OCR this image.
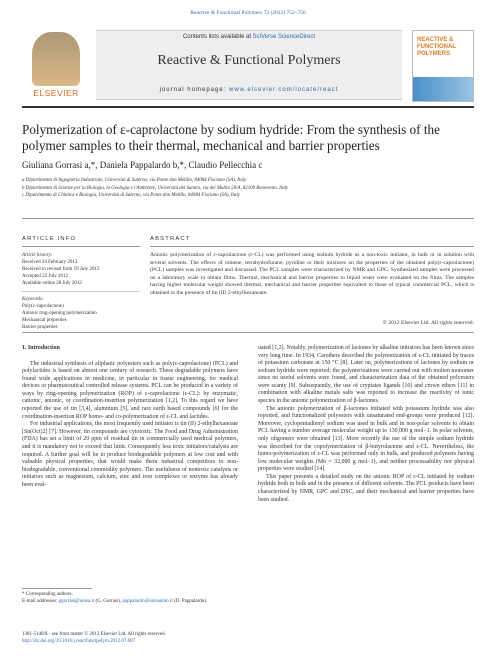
Reactive & Functional Polymers 72 (2012) 752–756
ELSEVIER
Contents lists available at SciVerse ScienceDirect
Reactive & Functional Polymers
journal homepage: www.elsevier.com/locate/react
REACTIVE &
FUNCTIONAL
POLYMERS
Polymerization of ε-caprolactone by sodium hydride: From the synthesis of the polymer samples to their thermal, mechanical and barrier properties
Giuliana Gorrasi a,*, Daniela Pappalardo b,*, Claudio Pellecchia c
a Dipartimento di Ingegneria Industriale, Università di Salerno, via Ponte don Melillo, 84084 Fisciano (SA), Italy
b Dipartimento di Scienze per la Biologia, la Geologia e l'Ambiente, Università del Sannio, via dei Mulini 59/A, 82100 Benevento, Italy
c Dipartimento di Chimica e Biologia, Università di Salerno, via Ponte don Melillo, 84084 Fisciano (SA), Italy
ARTICLE INFO	ABSTRACT
Article history:
Received 24 February 2012
Received in revised form 19 July 2012
Accepted 22 July 2012
Available online 28 July 2012
Keywords:
Poly(ε-caprolactone)
Anionic ring-opening polymerization
Mechanical properties
Barrier properties
Anionic polymerization of ε-caprolactone (ε-CL) was performed using sodium hydride as a non-toxic initiator, in bulk or in solution with several solvents. The effects of toluene, tetrahydrofurane, pyridine or their mixtures on the properties of the obtained poly(ε-caprolactone) (PCL) samples was investigated and discussed. The PCL samples were characterized by NMR and GPC. Synthesized samples were processed on a laboratory scale to obtain films. Thermal, mechanical and barrier properties to liquid water were evaluated on the films. The samples having higher molecular weight showed thermal, mechanical and barrier properties equivalent to those of typical commercial PCL, which is obtained in the presence of tin (II) 2-ethylhexanoate.
© 2012 Elsevier Ltd. All rights reserved.
1. Introduction

The industrial synthesis of aliphatic polyesters such as poly(ε-caprolactone) (PCL) and polylactides is based on almost one century of research. These degradable polymers have found wide applications in medicine, in particular in tissue engineering, for medical devices or pharmaceutical controlled release systems. PCL can be produced in a variety of ways by ring-opening polymerization (ROP) of ε-caprolactone (ε-CL): by enzymatic, cationic, anionic, or coordination-insertion polymerization [1,2]. To this regard we have reported the use of tin [3,4], aluminum [5], and rare earth based compounds [6] for the coordination-insertion ROP homo- and co-polymerization of ε-CL and lactides.

For industrial applications, the most frequently used initiator is tin (II) 2-ethylhexanoate [Sn(Oct)2] [7]. However, tin compounds are cytotoxic. The Food and Drug Administration (FDA) has set a limit of 20 ppm of residual tin in commercially used medical polymers, and it is mandatory not to exceed that limit. Consequently less toxic initiators/catalysts are required. A further goal will be to produce biodegradable polymers at low cost and with valuable physical properties, that would make them industrial competitors to non-biodegradable, conventional commodity polymers. The usefulness of nontoxic catalysts or initiators such as magnesium, calcium, zinc and iron complexes or enzyme has already been eval-

uated [1,2]. Notably, polymerization of lactones by alkaline initiators has been known since very long time. In 1934, Carothers described the polymerization of ε-CL initiated by traces of potassium carbonate at 150 °C [8]. Later on, polymerizations of lactones by sodium or sodium hydride were reported; the polymerizations were carried out with molten monomer since no useful solvents were found, and characterization data of the obtained polyesters were scanty [9]. Subsequently, the use of cryptates ligands [10] and crown ethers [11] in combination with alkaline metals salts was reported to increase the reactivity of ionic species in the anionic polymerization of β-lactones.

The anionic polymerization of β-lactones initiated with potassium hydride was also reported, and functionalized polyesters with unsaturated end-groups were produced [12]. Moreover, cyclopentadienyl sodium was used in bulk and in non-polar solvents to obtain PCL having a number average molecular weight up to 130,000 g mol−1. In polar solvents, only oligomers were obtained [13]. More recently the use of the simple sodium hydride was described for the copolymerization of β-butyrolactone and ε-CL. Nevertheless, the homo-polymerization of ε-CL was performed only in bulk, and produced polymers having low molecular weights (Mn = 32,000 g mol−1), and neither processability nor physical properties were studied [14].

This paper presents a detailed study on the anionic ROP of ε-CL initiated by sodium hydride both in bulk and in the presence of different solvents. The PCL products have been characterized by NMR, GPC and DSC, and their mechanical and barrier properties have been studied.

* Corresponding authors.
E-mail addresses: ggorrasi@unisa.it (G. Gorrasi), pappalardo@unisannio.it (D. Pappalardo).
1381-5148/$ - see front matter © 2012 Elsevier Ltd. All rights reserved.
http://dx.doi.org/10.1016/j.reactfunctpolym.2012.07.007
